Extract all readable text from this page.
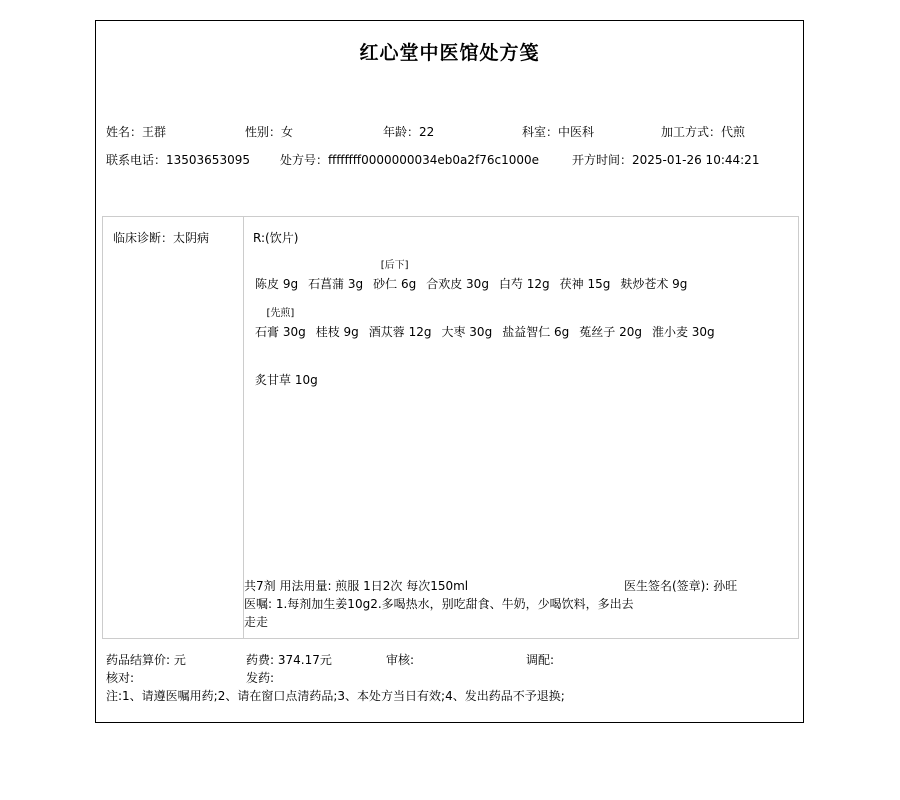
红心堂中医馆处方笺
姓名：王群	性别：女	年龄：22	科室：中医科	加工方式：代煎
联系电话：13503653095	处方号：ffffffff0000000034eb0a2f76c1000e	开方时间：2025-01-26 10:44:21
临床诊断：太阴病	R:(饮片)
陈皮 9g 石菖蒲 3g 砂仁 6g
[后下]
合欢皮 30g 白芍 12g 茯神 15g 麸炒苍术 9g
石膏 30g
[先煎]
桂枝 9g 酒苁蓉 12g 大枣 30g 盐益智仁 6g 菟丝子 20g 淮小麦 30g
炙甘草 10g
共7剂 用法用量: 煎服 1日2次 每次150ml	医生签名(签章): 孙旺
医嘱: 1.每剂加生姜10g2.多喝热水，别吃甜食、牛奶，少喝饮料，多出去走走
药品结算价: 元	药费: 374.17元	审核:	调配:
核对:	发药:
注:1、请遵医嘱用药;2、请在窗口点清药品;3、本处方当日有效;4、发出药品不予退换;
